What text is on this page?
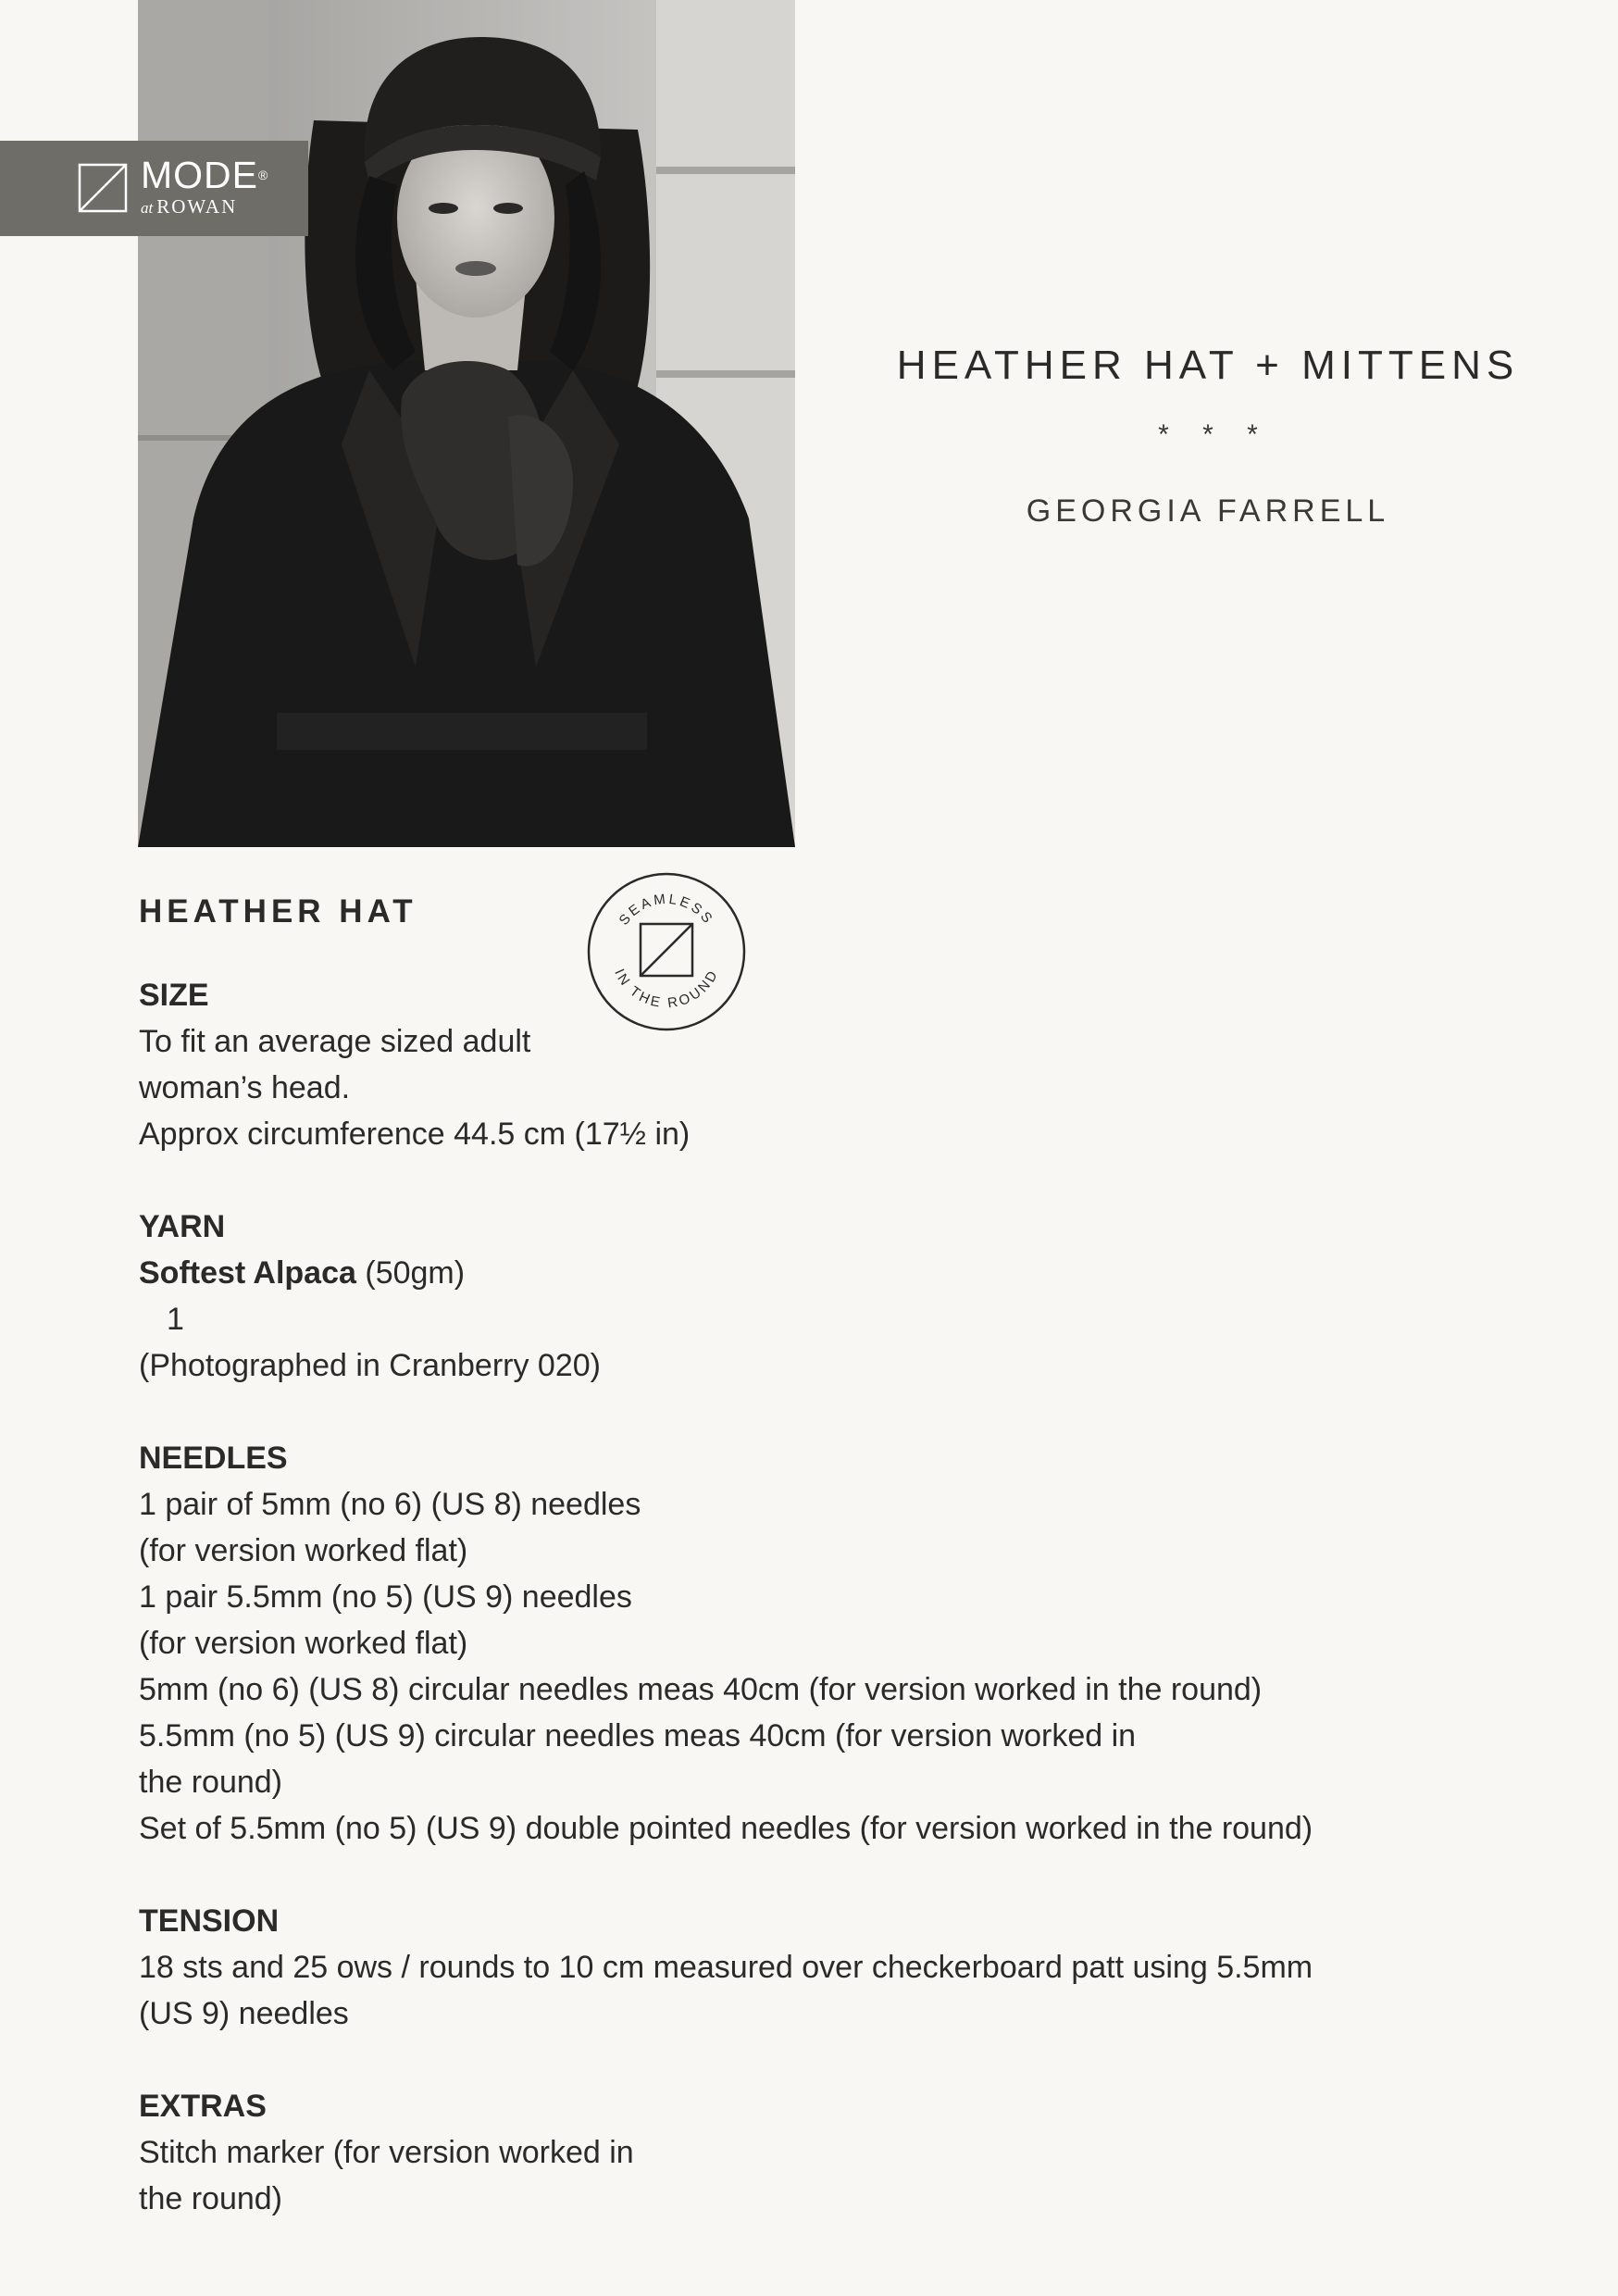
MODE®
at ROWAN
HEATHER HAT + MITTENS
* * *
GEORGIA FARRELL
SEAMLESS
IN THE ROUND
HEATHER HAT
SIZE
To fit an average sized adult
woman’s head.
Approx circumference 44.5 cm (17½ in)
YARN
Softest Alpaca (50gm)
1
(Photographed in Cranberry 020)
NEEDLES
1 pair of 5mm (no 6) (US 8) needles
(for version worked flat)
1 pair 5.5mm (no 5) (US 9) needles
(for version worked flat)
5mm (no 6) (US 8) circular needles meas 40cm (for version worked in the round)
5.5mm (no 5) (US 9) circular needles meas 40cm (for version worked in
the round)
Set of 5.5mm (no 5) (US 9) double pointed needles (for version worked in the round)
TENSION
18 sts and 25 ows / rounds to 10 cm measured over checkerboard patt using 5.5mm
(US 9) needles
EXTRAS
Stitch marker (for version worked in
the round)
